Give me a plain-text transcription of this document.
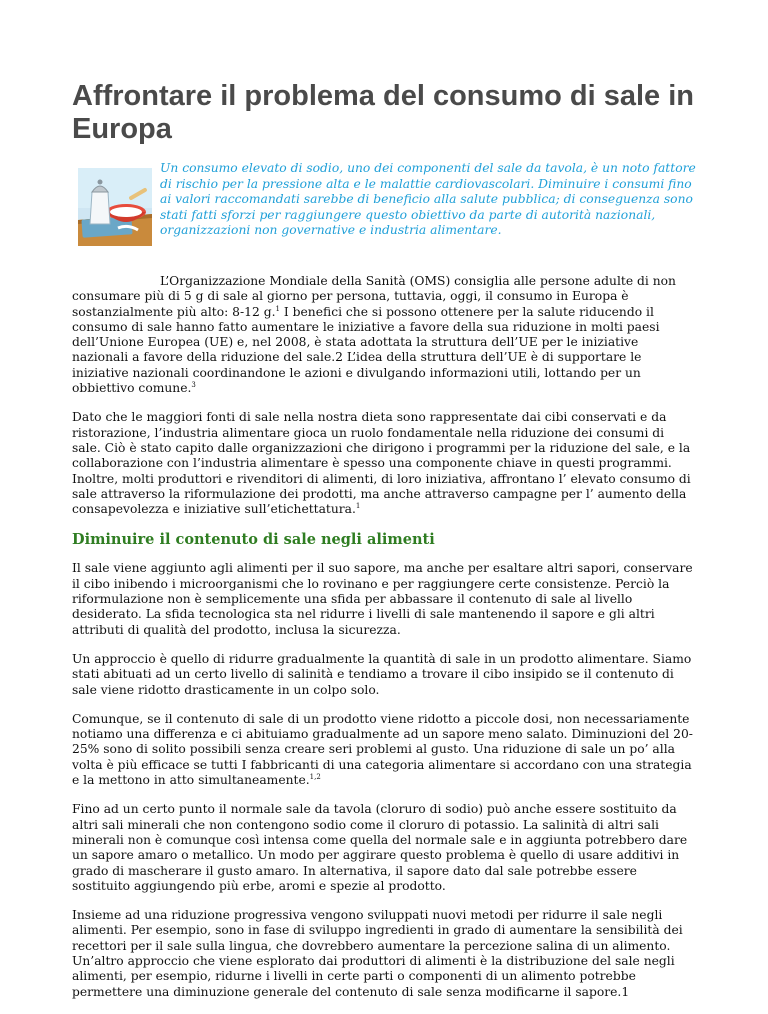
Affrontare il problema del consumo di sale in Europa

Un consumo elevato di sodio, uno dei componenti del sale da tavola, è un noto fattore di rischio per la pressione alta e le malattie cardiovascolari. Diminuire i consumi fino ai valori raccomandati sarebbe di beneficio alla salute pubblica; di conseguenza sono stati fatti sforzi per raggiungere questo obiettivo da parte di autorità nazionali, organizzazioni non governative e industria alimentare.

L’Organizzazione Mondiale della Sanità (OMS) consiglia alle persone adulte di non consumare più di 5 g di sale al giorno per persona, tuttavia, oggi, il consumo in Europa è sostanzialmente più alto: 8-12 g.$^1$ I benefici che si possono ottenere per la salute riducendo il consumo di sale hanno fatto aumentare le iniziative a favore della sua riduzione in molti paesi dell’Unione Europea (UE) e, nel 2008, è stata adottata la struttura dell’UE per le iniziative nazionali a favore della riduzione del sale.2 L’idea della struttura dell’UE è di supportare le iniziative nazionali coordinandone le azioni e divulgando informazioni utili, lottando per un obbiettivo comune.$^3$

Dato che le maggiori fonti di sale nella nostra dieta sono rappresentate dai cibi conservati e da ristorazione, l’industria alimentare gioca un ruolo fondamentale nella riduzione dei consumi di sale. Ciò è stato capito dalle organizzazioni che dirigono i programmi per la riduzione del sale, e la collaborazione con l’industria alimentare è spesso una componente chiave in questi programmi. Inoltre, molti produttori e rivenditori di alimenti, di loro iniziativa, affrontano l’ elevato consumo di sale attraverso la riformulazione dei prodotti, ma anche attraverso campagne per l’ aumento della consapevolezza e iniziative sull’etichettatura.$^1$

Diminuire il contenuto di sale negli alimenti

Il sale viene aggiunto agli alimenti per il suo sapore, ma anche per esaltare altri sapori, conservare il cibo inibendo i microorganismi che lo rovinano e per raggiungere certe consistenze. Perciò la riformulazione non è semplicemente una sfida per abbassare il contenuto di sale al livello desiderato. La sfida tecnologica sta nel ridurre i livelli di sale mantenendo il sapore e gli altri attributi di qualità del prodotto, inclusa la sicurezza.

Un approccio è quello di ridurre gradualmente la quantità di sale in un prodotto alimentare. Siamo stati abituati ad un certo livello di salinità e tendiamo a trovare il cibo insipido se il contenuto di sale viene ridotto drasticamente in un colpo solo.

Comunque, se il contenuto di sale di un prodotto viene ridotto a piccole dosi, non necessariamente notiamo una differenza e ci abituiamo gradualmente ad un sapore meno salato. Diminuzioni del 20-25% sono di solito possibili senza creare seri problemi al gusto. Una riduzione di sale un po’ alla volta è più efficace se tutti I fabbricanti di una categoria alimentare si accordano con una strategia e la mettono in atto simultaneamente.$^{1,2}$

Fino ad un certo punto il normale sale da tavola (cloruro di sodio) può anche essere sostituito da altri sali minerali che non contengono sodio come il cloruro di potassio. La salinità di altri sali minerali non è comunque così intensa come quella del normale sale e in aggiunta potrebbero dare un sapore amaro o metallico. Un modo per aggirare questo problema è quello di usare additivi in grado di mascherare il gusto amaro. In alternativa, il sapore dato dal sale potrebbe essere sostituito aggiungendo più erbe, aromi e spezie al prodotto.

Insieme ad una riduzione progressiva vengono sviluppati nuovi metodi per ridurre il sale negli alimenti. Per esempio, sono in fase di sviluppo ingredienti in grado di aumentare la sensibilità dei recettori per il sale sulla lingua, che dovrebbero aumentare la percezione salina di un alimento. Un’altro approccio che viene esplorato dai produttori di alimenti è la distribuzione del sale negli alimenti, per esempio, ridurne i livelli in certe parti o componenti di un alimento potrebbe permettere una diminuzione generale del contenuto di sale senza modificarne il sapore.1
